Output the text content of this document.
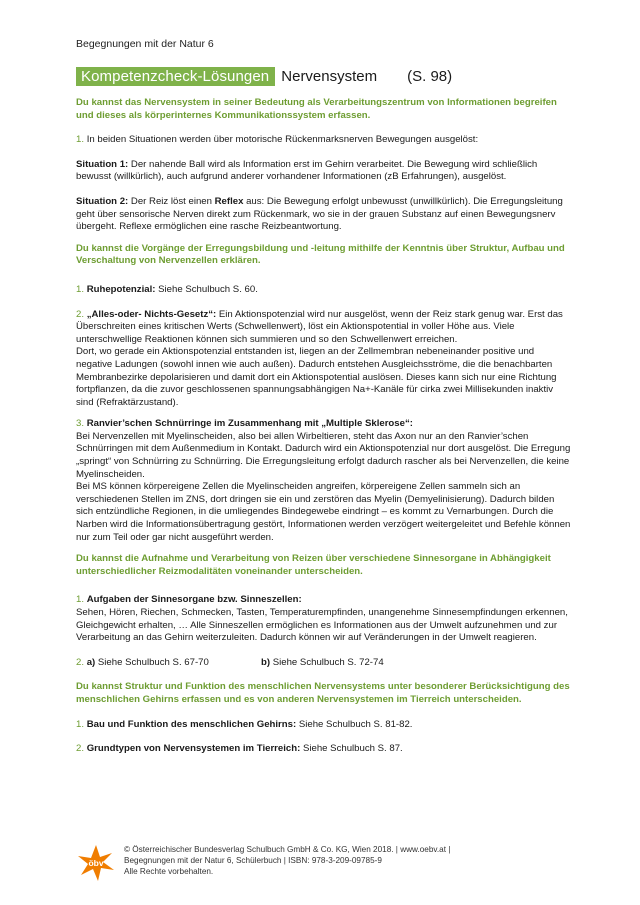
Begegnungen mit der Natur 6
Kompetenzcheck-Lösungen Nervensystem (S. 98)

Du kannst das Nervensystem in seiner Bedeutung als Verarbeitungszentrum von Informationen begreifen und dieses als körperinternes Kommunikationssystem erfassen.

1. In beiden Situationen werden über motorische Rückenmarksnerven Bewegungen ausgelöst:

Situation 1: Der nahende Ball wird als Information erst im Gehirn verarbeitet. Die Bewegung wird schließlich bewusst (willkürlich), auch aufgrund anderer vorhandener Informationen (zB Erfahrungen), ausgelöst.

Situation 2: Der Reiz löst einen Reflex aus: Die Bewegung erfolgt unbewusst (unwillkürlich). Die Erregungsleitung geht über sensorische Nerven direkt zum Rückenmark, wo sie in der grauen Substanz auf einen Bewegungsnerv übergeht. Reflexe ermöglichen eine rasche Reizbeantwortung.

Du kannst die Vorgänge der Erregungsbildung und -leitung mithilfe der Kenntnis über Struktur, Aufbau und Verschaltung von Nervenzellen erklären.

1. Ruhepotenzial: Siehe Schulbuch S. 60.

2. „Alles-oder- Nichts-Gesetz“: Ein Aktionspotenzial wird nur ausgelöst, wenn der Reiz stark genug war. Erst das Überschreiten eines kritischen Werts (Schwellenwert), löst ein Aktionspotential in voller Höhe aus. Viele unterschwellige Reaktionen können sich summieren und so den Schwellenwert erreichen.

Dort, wo gerade ein Aktionspotenzial entstanden ist, liegen an der Zellmembran nebeneinander positive und negative Ladungen (sowohl innen wie auch außen). Dadurch entstehen Ausgleichsströme, die die benachbarten Membranbezirke depolarisieren und damit dort ein Aktionspotential auslösen. Dieses kann sich nur eine Richtung fortpflanzen, da die zuvor geschlossenen spannungsabhängigen Na+-Kanäle für cirka zwei Millisekunden inaktiv sind (Refraktärzustand).

3. Ranvier’schen Schnürringe im Zusammenhang mit „Multiple Sklerose“:

Bei Nervenzellen mit Myelinscheiden, also bei allen Wirbeltieren, steht das Axon nur an den Ranvier’schen Schnürringen mit dem Außenmedium in Kontakt. Dadurch wird ein Aktionspotenzial nur dort ausgelöst. Die Erregung „springt“ von Schnürring zu Schnürring. Die Erregungsleitung erfolgt dadurch rascher als bei Nervenzellen, die keine Myelinscheiden.

Bei MS können körpereigene Zellen die Myelinscheiden angreifen, körpereigene Zellen sammeln sich an verschiedenen Stellen im ZNS, dort dringen sie ein und zerstören das Myelin (Demyelinisierung). Dadurch bilden sich entzündliche Regionen, in die umliegendes Bindegewebe eindringt – es kommt zu Vernarbungen. Durch die Narben wird die Informationsübertragung gestört, Informationen werden verzögert weitergeleitet und Befehle können nur zum Teil oder gar nicht ausgeführt werden.

Du kannst die Aufnahme und Verarbeitung von Reizen über verschiedene Sinnesorgane in Abhängigkeit unterschiedlicher Reizmodalitäten voneinander unterscheiden.

1. Aufgaben der Sinnesorgane bzw. Sinneszellen:

Sehen, Hören, Riechen, Schmecken, Tasten, Temperaturempfinden, unangenehme Sinnesempfindungen erkennen, Gleichgewicht erhalten, … Alle Sinneszellen ermöglichen es Informationen aus der Umwelt aufzunehmen und zur Verarbeitung an das Gehirn weiterzuleiten. Dadurch können wir auf Veränderungen in der Umwelt reagieren.

2. a) Siehe Schulbuch S. 67-70	b) Siehe Schulbuch S. 72-74

Du kannst Struktur und Funktion des menschlichen Nervensystems unter besonderer Berücksichtigung des menschlichen Gehirns erfassen und es von anderen Nervensystemen im Tierreich unterscheiden.

1. Bau und Funktion des menschlichen Gehirns: Siehe Schulbuch S. 81-82.

2. Grundtypen von Nervensystemen im Tierreich: Siehe Schulbuch S. 87.

öbv
© Österreichischer Bundesverlag Schulbuch GmbH & Co. KG, Wien 2018. | www.oebv.at |
Begegnungen mit der Natur 6, Schülerbuch | ISBN: 978-3-209-09785-9
Alle Rechte vorbehalten.
